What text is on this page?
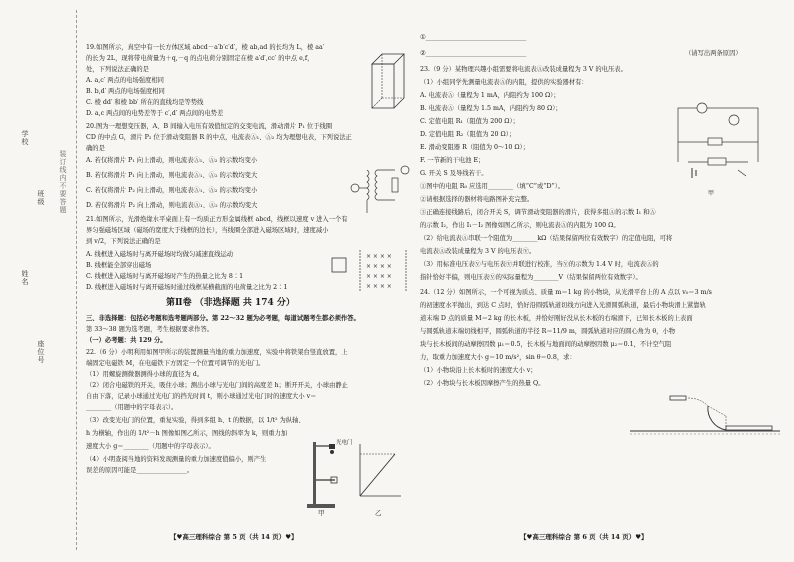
学校
班级
姓名
座位号
装订线内不要答题
19.如图所示，真空中有一长方体区域 abcd－a′b′c′d′，棱 ab,ad 的长均为 L，棱 aa′
的长为 2L，现将带电荷量为＋q,－q 的点电荷分别固定在棱 a′d′,cc′ 的中点 e,f，
处，下列说法正确的是
A. a,c′ 两点的电场强度相同
B. b,d′ 两点的电场强度相同
C. 棱 dd′ 和棱 bb′ 所在的直线均是等势线
D. a,c 两点间的电势差等于 c′,d′ 两点间的电势差
20.图为一理想变压器，A、B 间输入电压有效值恒定的交变电流，滑动滑片 P₁ 位于线圈
CD 的中点 G，滑片 P₂ 位于滑动变阻器 R 的中点，电流表Ⓐ₁、Ⓐ₂ 均为理想电表，下列说法正
确的是
A. 若仅将滑片 P₁ 向上滑动，则电流表Ⓐ₁、Ⓐ₂ 的示数均变小
B. 若仅将滑片 P₁ 向上滑动，则电流表Ⓐ₁、Ⓐ₂ 的示数均变大
C. 若仅将滑片 P₂ 向上滑动，则电流表Ⓐ₁、Ⓐ₂ 的示数均变小
D. 若仅将滑片 P₂ 向上滑动，则电流表Ⓐ₁、Ⓐ₂ 的示数均变大
21.如图所示，光滑绝缘水平桌面上有一均质正方形金属线框 abcd，线框以速度 v 进入一个有
界匀强磁场区域（磁场的宽度大于线框的边长），当线圈全部进入磁场区域时，速度减小
到 v/2，下列说法正确的是
A. 线框进入磁场时与离开磁场时均做匀减速直线运动
B. 线框能全部穿出磁场
C. 线框进入磁场时与离开磁场时产生的热量之比为 8∶1
D. 线框进入磁场时与离开磁场时通过线框某横截面的电荷量之比为 2∶1
第Ⅱ卷 （非选择题 共 174 分）
三、非选择题：包括必考题和选考题两部分。第 22～32 题为必考题，每道试题考生都必须作答。
第 33～38 题为选考题，考生根据要求作答。
（一）必考题：共 129 分。
22.（6 分）小明利用如图甲所示的装置测量当地的重力加速度，实验中将铁架台竖直放置，上
端固定电磁铁 M，在电磁铁下方固定一个位置可调节的光电门。
（1）用螺旋测微器测得小球的直径为 d。
（2）闭合电磁铁的开关，吸住小球；测出小球与光电门间的高度差 h；断开开关，小球由静止
自由下落，记录小球通过光电门的挡光时间 t，则小球通过光电门时的速度大小 v＝
________（用题中的字母表示）。
（3）改变光电门的位置，重复实验，得到多组 h、t 的数据，以 1/t² 为纵轴、
h 为横轴，作出的 1/t²－h 图像如图乙所示，图线的斜率为 k，则重力加
速度大小 g＝________（用题中的字母表示）。
（4）小明查阅当地的资料发现测量的重力加速度值偏小，则产生
误差的原因可能是________________。
× × × ×
× × × ×
× × × ×
× × × ×
甲	乙
光电门
【♥高三理科综合 第 5 页（共 14 页）♥】
①________________________________
②________________________________	（请写出两条原因）
23.（9 分）某物理兴趣小组需要将电流表Ⓐ改装成量程为 3 V 的电压表。
（1）小组同学先测量电流表Ⓐ的内阻，提供的实验器材有：
A. 电流表Ⓐ（量程为 1 mA，内阻约为 100 Ω）；
B. 电流表Ⓐ（量程为 1.5 mA，内阻约为 80 Ω）；
C. 定值电阻 R₁（阻值为 200 Ω）；
D. 定值电阻 R₂（阻值为 20 Ω）；
E. 滑动变阻器 R（阻值为 0～10 Ω）；
F. 一节新的干电池 E；
G. 开关 S 及导线若干。
①图中的电阻 R₀ 应选用________（填“C”或“D”）。
②请根据选择的器材将电路图补充完整。
③正确连接线路后，闭合开关 S，调节滑动变阻器的滑片，获得多组Ⓐ的示数 I₁ 和Ⓐ
的示数 I₂，作出 I₁－I₂ 图像如图乙所示，则电流表Ⓐ的内阻为 100 Ω。
（2）给电流表Ⓐ串联一个阻值为________kΩ（结果保留两位有效数字）的定值电阻，可将
电流表Ⓐ改装成量程为 3 V 的电压表Ⓥ。
（3）用标准电压表Ⓥ与电压表Ⓥ并联进行校准，当Ⓥ的示数为 1.4 V 时，电流表Ⓐ的
指针恰好半偏，则电压表Ⓥ的实际量程为________V（结果保留两位有效数字）。
24.（12 分）如图所示，一个可视为质点、质量 m＝1 kg 的小物块，从光滑平台上的 A 点以 v₀＝3 m/s
的初速度水平抛出，到达 C 点时，恰好沿圆弧轨道切线方向进入光滑圆弧轨道，最后小物块滑上紧靠轨
道末端 D 点的质量 M＝2 kg 的长木板，并恰好刚好没从长木板的右端滑下，已知长木板的上表面
与圆弧轨道末端切线相平，圆弧轨道的半径 R＝11/9 m，圆弧轨道对应的圆心角为 θ，小物
块与长木板间的动摩擦因数 μ₁＝0.5，长木板与地面间的动摩擦因数 μ₂＝0.1，不计空气阻
力，取重力加速度大小 g＝10 m/s²，sin θ＝0.8，求：
（1）小物块沿上长木板时的速度大小 v；
（2）小物块与长木板因摩擦产生的热量 Q。
甲
【♥高三理科综合 第 6 页（共 14 页）♥】
